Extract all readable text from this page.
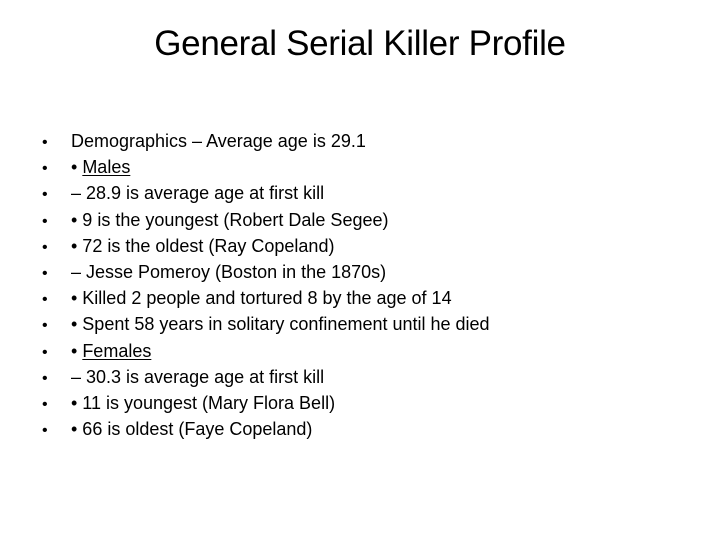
General Serial Killer Profile
•	Demographics – Average age is 29.1
•	• Males
•	– 28.9 is average age at first kill
•	• 9 is the youngest (Robert Dale Segee)
•	• 72 is the oldest (Ray Copeland)
•	– Jesse Pomeroy (Boston in the 1870s)
•	• Killed 2 people and tortured 8 by the age of 14
•	• Spent 58 years in solitary confinement until he died
•	• Females
•	– 30.3 is average age at first kill
•	• 11 is youngest (Mary Flora Bell)
•	• 66 is oldest (Faye Copeland)
